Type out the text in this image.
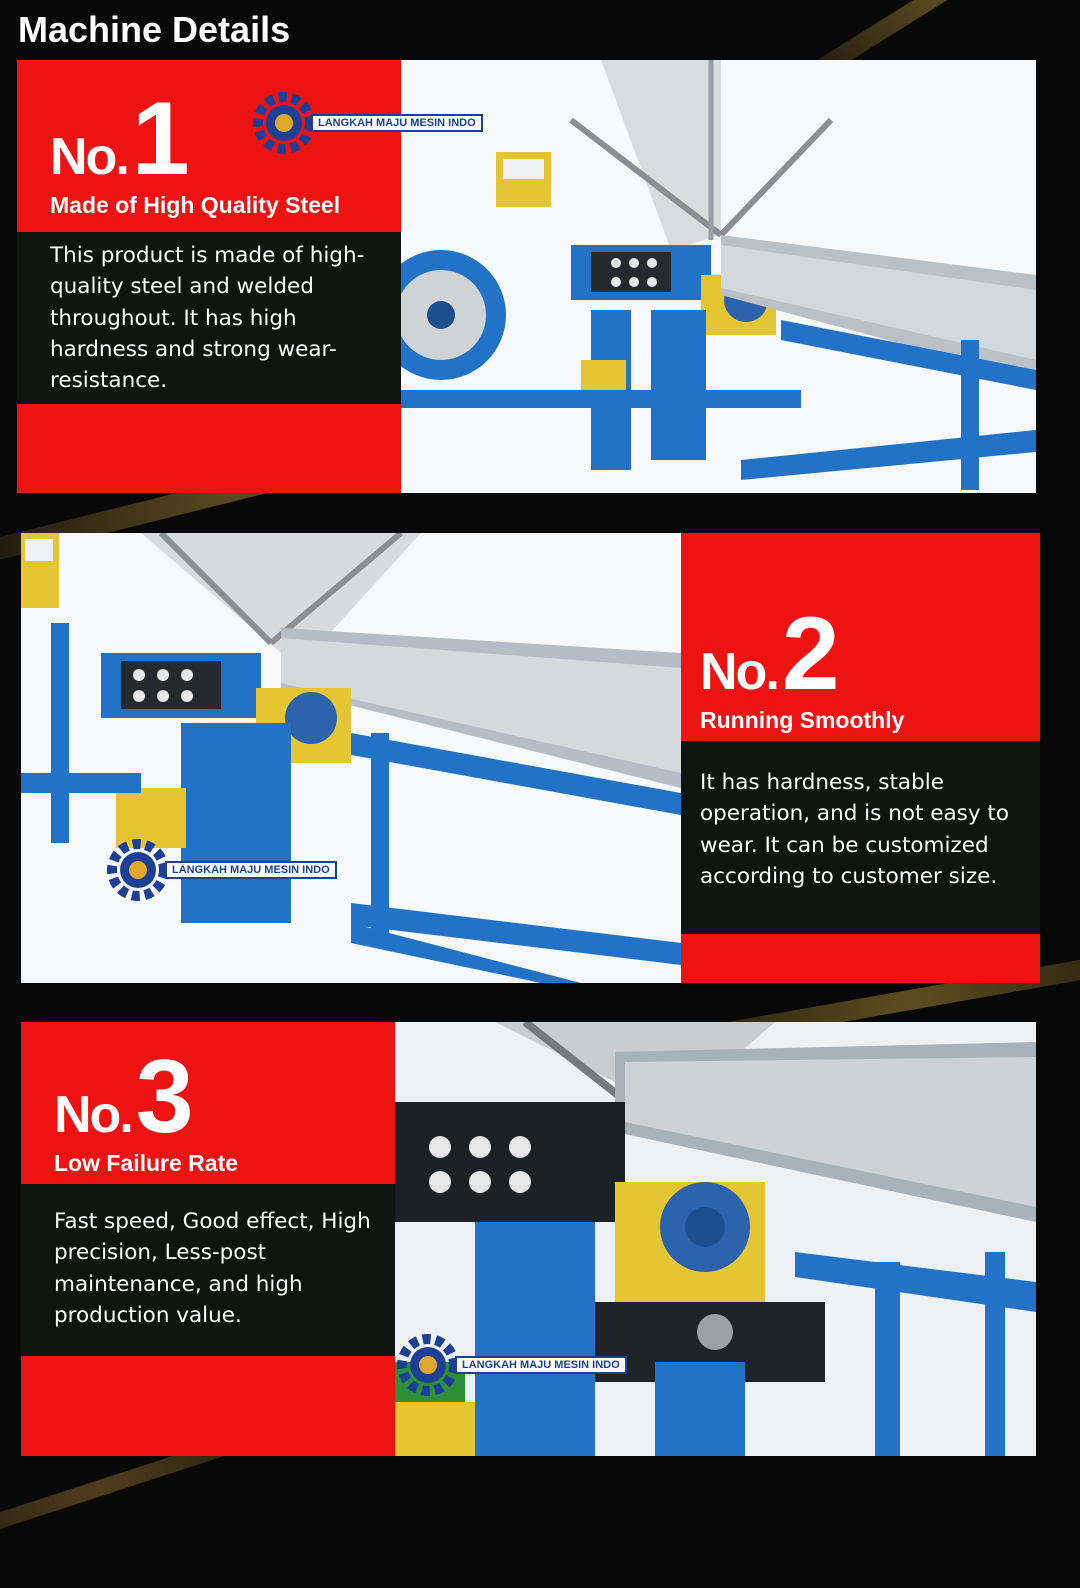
Machine Details
No. 1
Made of High Quality Steel

This product is made of high-quality steel and welded throughout. It has high hardness and strong wear-resistance.

LANGKAH MAJU MESIN INDO
No. 2
Running Smoothly

It has hardness, stable operation, and is not easy to wear. It can be customized according to customer size.

LANGKAH MAJU MESIN INDO
No. 3
Low Failure Rate

Fast speed, Good effect, High precision, Less-post maintenance, and high production value.

LANGKAH MAJU MESIN INDO
